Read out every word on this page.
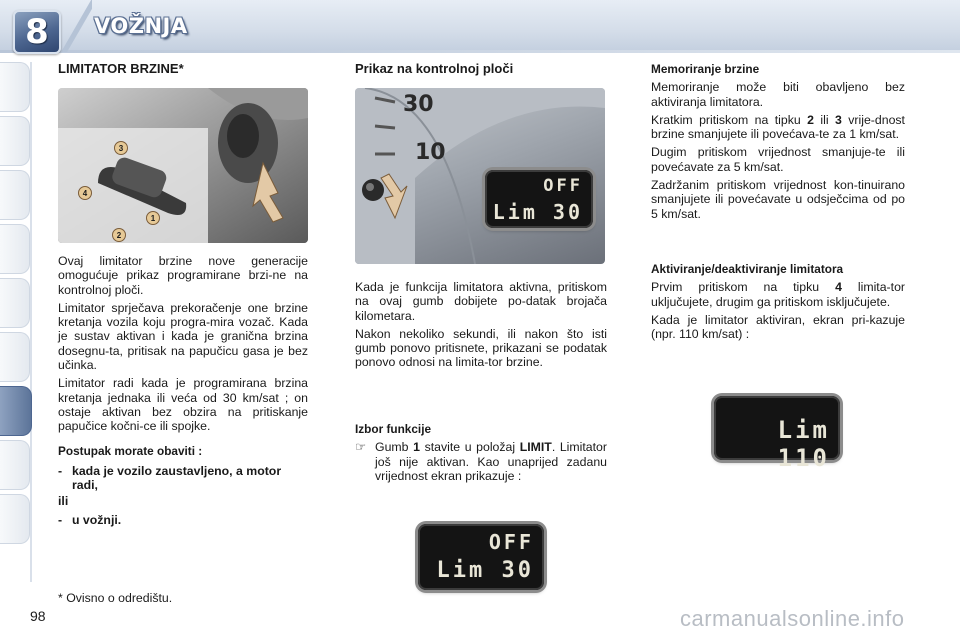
8	VOŽNJA
LIMITATOR BRZINE*
3
4
1
2

Ovaj limitator brzine nove generacije omogućuje prikaz programirane brzi-ne na kontrolnoj ploči.

Limitator sprječava prekoračenje one brzine kretanja vozila koju progra-mira vozač. Kada je sustav aktivan i kada je granična brzina dosegnu-ta, pritisak na papučicu gasa je bez učinka.

Limitator radi kada je programirana brzina kretanja jednaka ili veća od 30 km/sat ; on ostaje aktivan bez obzira na pritiskanje papučice kočni-ce ili spojke.

Postupak morate obaviti :
- kada je vozilo zaustavljeno, a motor radi,
ili
- u vožnji.
Prikaz na kontrolnoj ploči
30
10
OFF
Lim 30

Kada je funkcija limitatora aktivna, pritiskom na ovaj gumb dobijete po-datak brojača kilometara.

Nakon nekoliko sekundi, ili nakon što isti gumb ponovo pritisnete, prikazani se podatak ponovo odnosi na limita-tor brzine.

Izbor funkcije
☞ Gumb 1 stavite u položaj LIMIT. Limitator još nije aktivan. Kao unaprijed zadanu vrijednost ekran prikazuje :

OFF
Lim 30
Memoriranje brzine

Memoriranje može biti obavljeno bez aktiviranja limitatora.

Kratkim pritiskom na tipku 2 ili 3 vrije-dnost brzine smanjujete ili povećava-te za 1 km/sat.

Dugim pritiskom vrijednost smanjuje-te ili povećavate za 5 km/sat.

Zadržanim pritiskom vrijednost kon-tinuirano smanjujete ili povećavate u odsječcima od po 5 km/sat.

Aktiviranje/deaktiviranje limitatora

Prvim pritiskom na tipku 4 limita-tor uključujete, drugim ga pritiskom isključujete.

Kada je limitator aktiviran, ekran pri-kazuje (npr. 110 km/sat) :

Lim 110
* Ovisno o odredištu.
98	carmanualsonline.info
